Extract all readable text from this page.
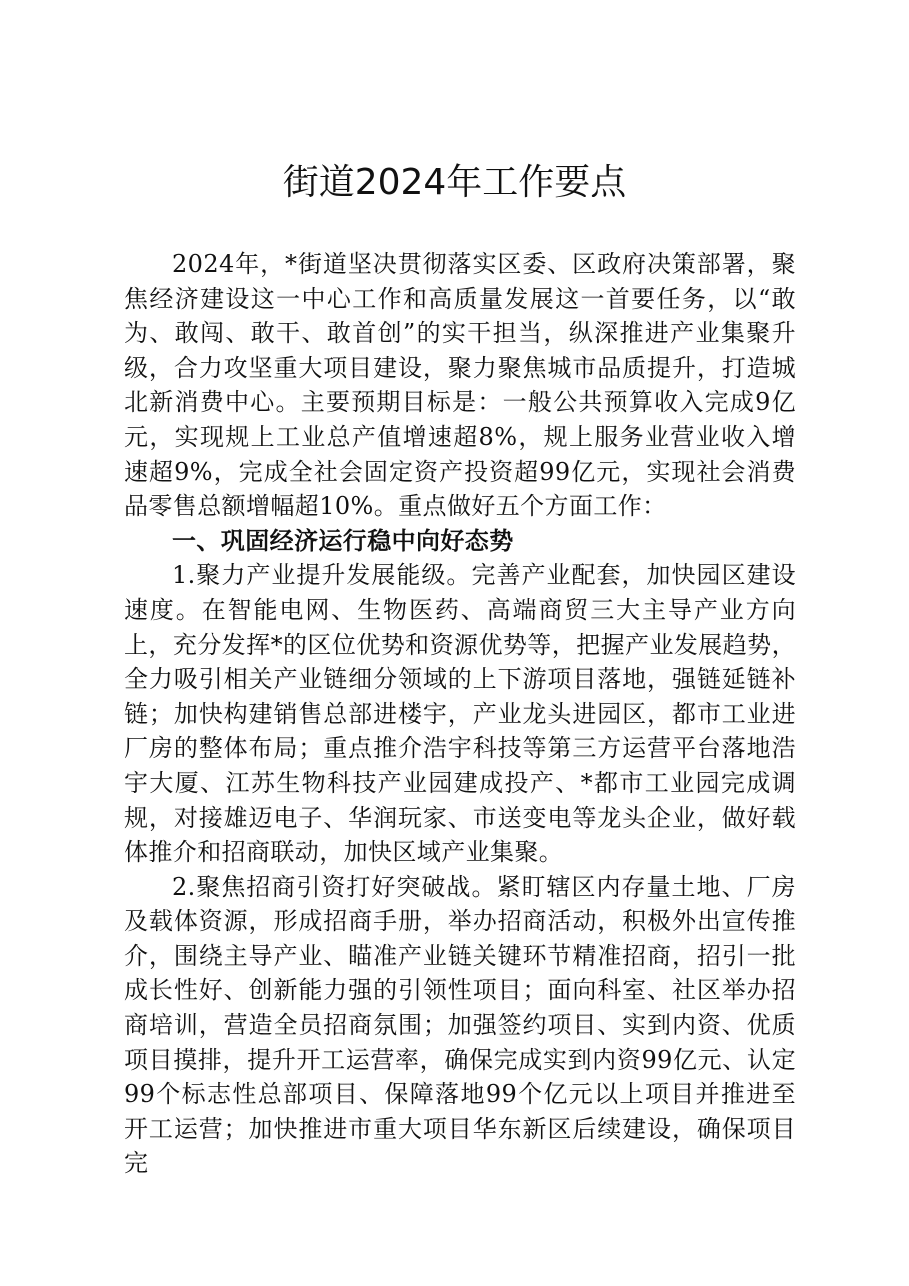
街道2024年工作要点

2024年，*街道坚决贯彻落实区委、区政府决策部署，聚焦经济建设这一中心工作和高质量发展这一首要任务，以“敢为、敢闯、敢干、敢首创”的实干担当，纵深推进产业集聚升级，合力攻坚重大项目建设，聚力聚焦城市品质提升，打造城北新消费中心。主要预期目标是：一般公共预算收入完成9亿元，实现规上工业总产值增速超8%，规上服务业营业收入增速超9%，完成全社会固定资产投资超99亿元，实现社会消费品零售总额增幅超10%。重点做好五个方面工作：

一、巩固经济运行稳中向好态势

1.聚力产业提升发展能级。完善产业配套，加快园区建设速度。在智能电网、生物医药、高端商贸三大主导产业方向上，充分发挥*的区位优势和资源优势等，把握产业发展趋势，全力吸引相关产业链细分领域的上下游项目落地，强链延链补链；加快构建销售总部进楼宇，产业龙头进园区，都市工业进厂房的整体布局；重点推介浩宇科技等第三方运营平台落地浩宇大厦、江苏生物科技产业园建成投产、*都市工业园完成调规，对接雄迈电子、华润玩家、市送变电等龙头企业，做好载体推介和招商联动，加快区域产业集聚。

2.聚焦招商引资打好突破战。紧盯辖区内存量土地、厂房及载体资源，形成招商手册，举办招商活动，积极外出宣传推介，围绕主导产业、瞄准产业链关键环节精准招商，招引一批成长性好、创新能力强的引领性项目；面向科室、社区举办招商培训，营造全员招商氛围；加强签约项目、实到内资、优质项目摸排，提升开工运营率，确保完成实到内资99亿元、认定99个标志性总部项目、保障落地99个亿元以上项目并推进至开工运营；加快推进市重大项目华东新区后续建设，确保项目完
